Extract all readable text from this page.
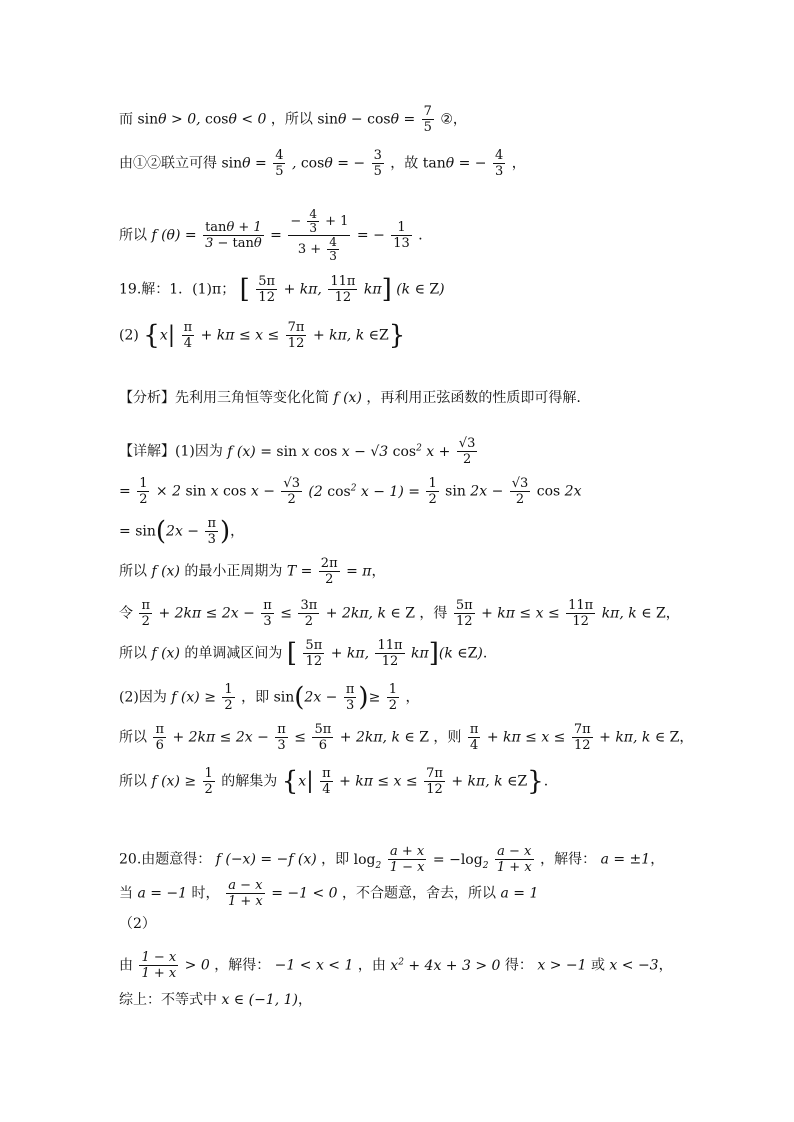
而 sinθ > 0, cosθ < 0 ，所以 $\sin\theta - \cos\theta = \frac{7}{5}$ ②，
由①②联立可得 $\sin\theta = \frac{4}{5}$ , cosθ = − $\frac{3}{5}$ ，故 tanθ = − $\frac{4}{3}$ ，
所以 f $(\theta) = \frac{\tan\theta + 1}{3 - \tan\theta} = \frac{- \frac{4}{3} + 1}{3 + \frac{4}{3}}$ = − $\frac{1}{13}$ ．
19.解：1．(1)π； [ $\frac{5\pi}{12} + k\pi$, $\frac{11\pi}{12} k\pi$] (k ∈ Z)
(2) {$x| \frac{\pi}{4} + k\pi \le x \le \frac{7\pi}{12} + k\pi$, k ∈Z}
【分析】先利用三角恒等变化化简 f (x) ，再利用正弦函数的性质即可得解.
【详解】(1)因为 f (x) = sin x cos x − √3 $\cos^2 x + \frac{√3}{2}$
= $\frac{1}{2} \times 2$ sin x $\cos x - \frac{√3}{2} (2$ $\cos^2 x - 1) = \frac{1}{2}$ $\sin 2x - \frac{√3}{2}$ cos 2x
= $\sin(2x - \frac{\pi}{3}$ )，
所以 f (x) 的最小正周期为 $T = \frac{2\pi}{2} = \pi$，
令 $\frac{\pi}{2} + 2k\pi \le 2x - \frac{\pi}{3} \le \frac{3\pi}{2} + 2k\pi$, k ∈ Z ，得 $\frac{5\pi}{12} + k\pi \le x \le \frac{11\pi}{12} k\pi$, k ∈ Z，
所以 f (x) 的单调减区间为 [ $\frac{5\pi}{12} + k\pi$, $\frac{11\pi}{12} k\pi](k$ ∈Z).
(2)因为 f $(x) \ge \frac{1}{2}$ ，即 $\sin(2x - \frac{\pi}{3}$ )≥ $\frac{1}{2}$ ，
所以 $\frac{\pi}{6} + 2k\pi \le 2x - \frac{\pi}{3} \le \frac{5\pi}{6} + 2k\pi$, k ∈ Z ，则 $\frac{\pi}{4} + k\pi \le x \le \frac{7\pi}{12} + k\pi$, k ∈ Z，
所以 f $(x) \ge \frac{1}{2}$ 的解集为 {$x| \frac{\pi}{4} + k\pi \le x \le \frac{7\pi}{12} + k\pi$, k ∈Z}.
20.由题意得： f (−x) = −f (x) ，即 $\log_2 \frac{a + x}{1 - x} = -\log_2 \frac{a - x}{1 + x}$ ，解得： a = ±1，
当 a = −1 时， $\frac{a - x}{1 + x} = -1 < 0$ ，不合题意，舍去，所以 a = 1
（2）
由 $\frac{1 - x}{1 + x} > 0$ ，解得： −1 < x < 1 ，由 $x^2 + 4x + 3 > 0$ 得： x > −1 或 x < −3，
综上：不等式中 x ∈ (−1, 1)，
